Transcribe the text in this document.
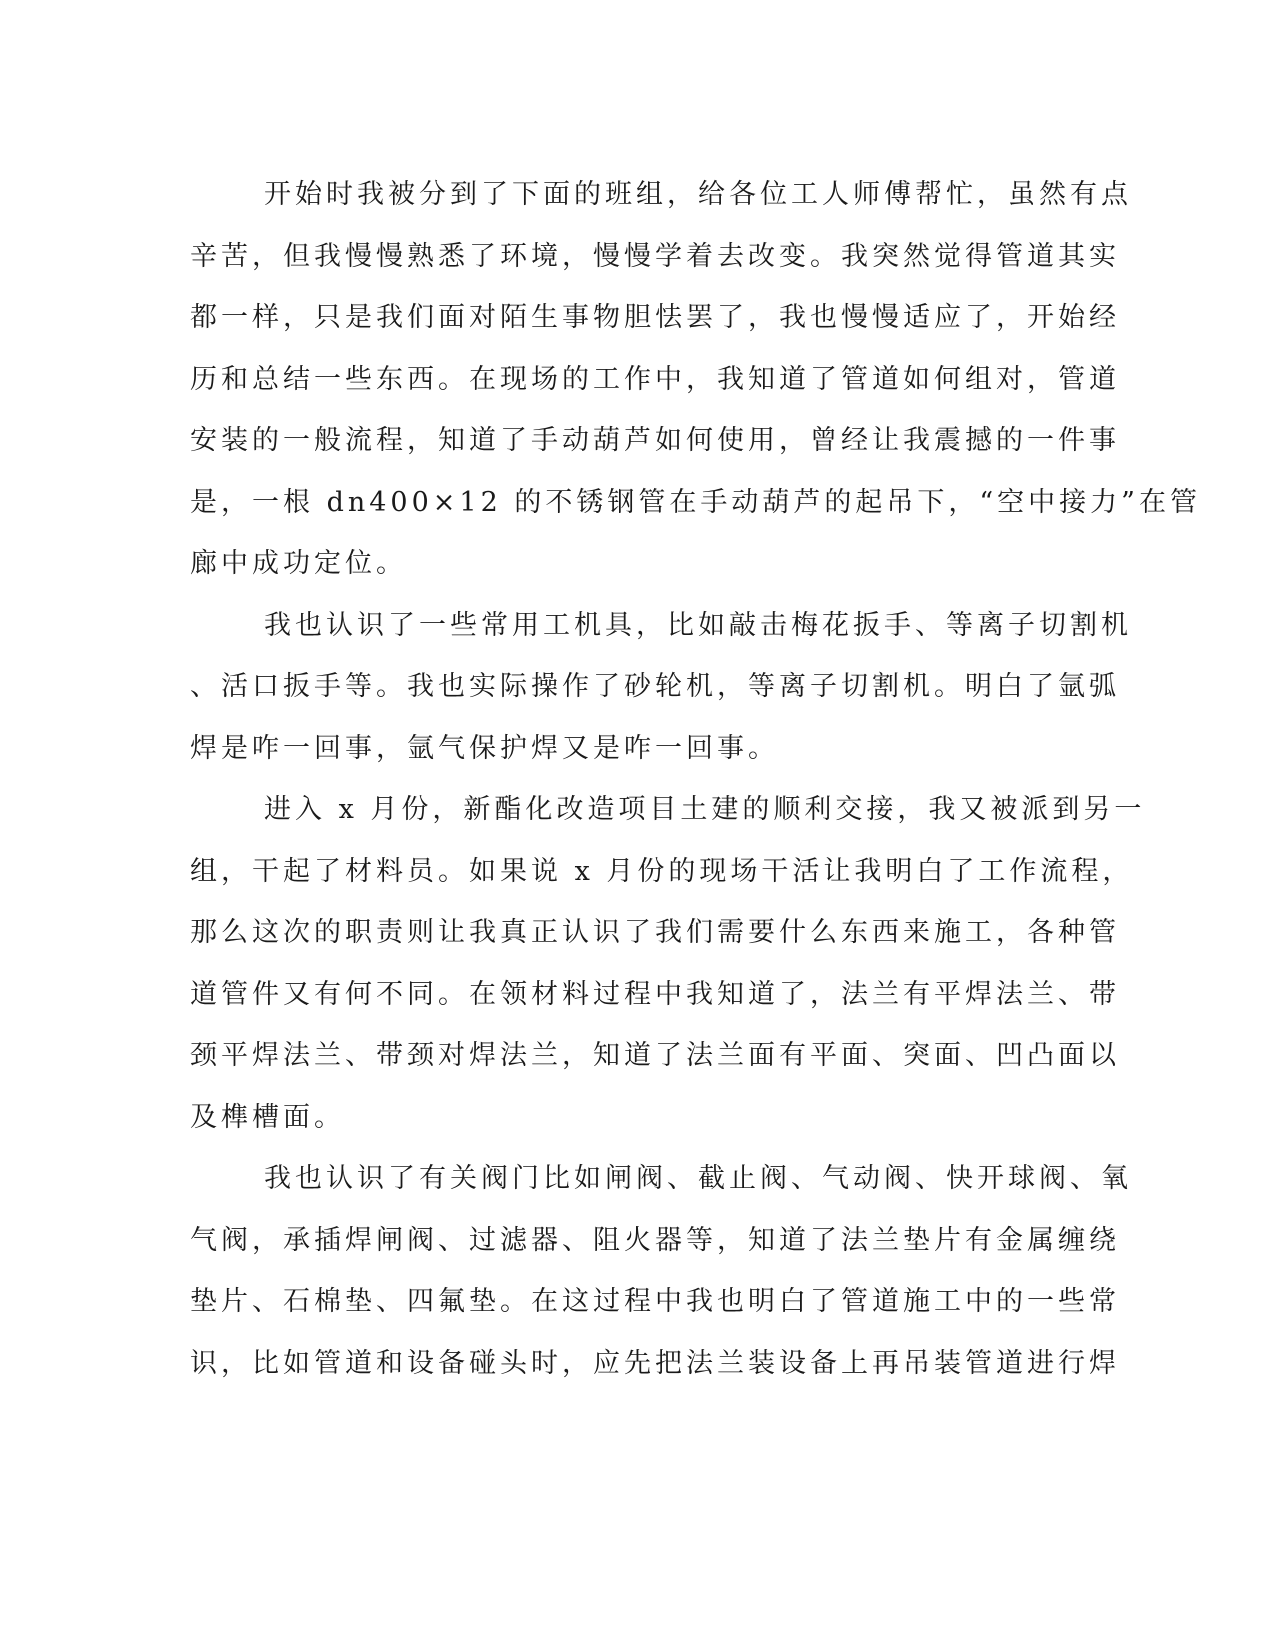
开始时我被分到了下面的班组，给各位工人师傅帮忙，虽然有点
辛苦，但我慢慢熟悉了环境，慢慢学着去改变。我突然觉得管道其实
都一样，只是我们面对陌生事物胆怯罢了，我也慢慢适应了，开始经
历和总结一些东西。在现场的工作中，我知道了管道如何组对，管道
安装的一般流程，知道了手动葫芦如何使用，曾经让我震撼的一件事
是，一根 dn400×12 的不锈钢管在手动葫芦的起吊下，“空中接力”在管
廊中成功定位。
我也认识了一些常用工机具，比如敲击梅花扳手、等离子切割机
、活口扳手等。我也实际操作了砂轮机，等离子切割机。明白了氩弧
焊是咋一回事，氩气保护焊又是咋一回事。
进入 x 月份，新酯化改造项目土建的顺利交接，我又被派到另一
组，干起了材料员。如果说 x 月份的现场干活让我明白了工作流程，
那么这次的职责则让我真正认识了我们需要什么东西来施工，各种管
道管件又有何不同。在领材料过程中我知道了，法兰有平焊法兰、带
颈平焊法兰、带颈对焊法兰，知道了法兰面有平面、突面、凹凸面以
及榫槽面。
我也认识了有关阀门比如闸阀、截止阀、气动阀、快开球阀、氧
气阀，承插焊闸阀、过滤器、阻火器等，知道了法兰垫片有金属缠绕
垫片、石棉垫、四氟垫。在这过程中我也明白了管道施工中的一些常
识，比如管道和设备碰头时，应先把法兰装设备上再吊装管道进行焊
